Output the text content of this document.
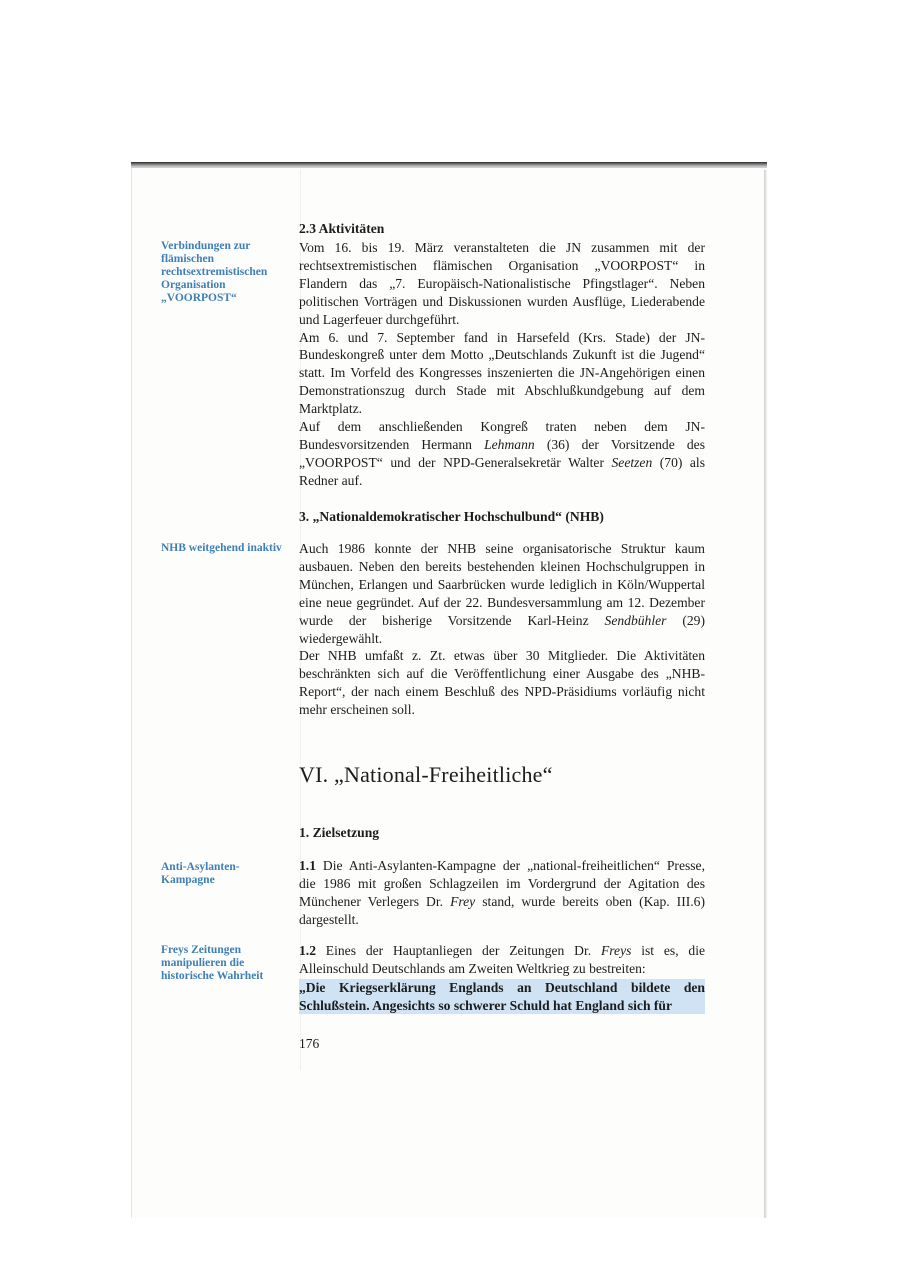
Verbindungen zur flämischen rechtsextremistischen Organisation „VOORPOST“
NHB weitgehend inaktiv
Anti-Asylanten-Kampagne
Freys Zeitungen manipulieren die historische Wahrheit
2.3 Aktivitäten

Vom 16. bis 19. März veranstalteten die JN zusammen mit der rechtsextremistischen flämischen Organisation „VOORPOST“ in Flandern das „7. Europäisch-Nationalistische Pfingstlager“. Neben politischen Vorträgen und Diskussionen wurden Ausflüge, Liederabende und Lagerfeuer durchgeführt.

Am 6. und 7. September fand in Harsefeld (Krs. Stade) der JN-Bundeskongreß unter dem Motto „Deutschlands Zukunft ist die Jugend“ statt. Im Vorfeld des Kongresses inszenierten die JN-Angehörigen einen Demonstrationszug durch Stade mit Abschlußkundgebung auf dem Marktplatz.

Auf dem anschließenden Kongreß traten neben dem JN-Bundesvorsitzenden Hermann Lehmann (36) der Vorsitzende des „VOORPOST“ und der NPD-Generalsekretär Walter Seetzen (70) als Redner auf.

3. „Nationaldemokratischer Hochschulbund“ (NHB)

Auch 1986 konnte der NHB seine organisatorische Struktur kaum ausbauen. Neben den bereits bestehenden kleinen Hochschulgruppen in München, Erlangen und Saarbrücken wurde lediglich in Köln/Wuppertal eine neue gegründet. Auf der 22. Bundesversammlung am 12. Dezember wurde der bisherige Vorsitzende Karl-Heinz Sendbühler (29) wiedergewählt.

Der NHB umfaßt z. Zt. etwas über 30 Mitglieder. Die Aktivitäten beschränkten sich auf die Veröffentlichung einer Ausgabe des „NHB-Report“, der nach einem Beschluß des NPD-Präsidiums vorläufig nicht mehr erscheinen soll.

VI. „National-Freiheitliche“
1. Zielsetzung

1.1 Die Anti-Asylanten-Kampagne der „national-freiheitlichen“ Presse, die 1986 mit großen Schlagzeilen im Vordergrund der Agitation des Münchener Verlegers Dr. Frey stand, wurde bereits oben (Kap. III.6) dargestellt.

1.2 Eines der Hauptanliegen der Zeitungen Dr. Freys ist es, die Alleinschuld Deutschlands am Zweiten Weltkrieg zu bestreiten:

„Die Kriegserklärung Englands an Deutschland bildete den Schlußstein. Angesichts so schwerer Schuld hat England sich für
176
